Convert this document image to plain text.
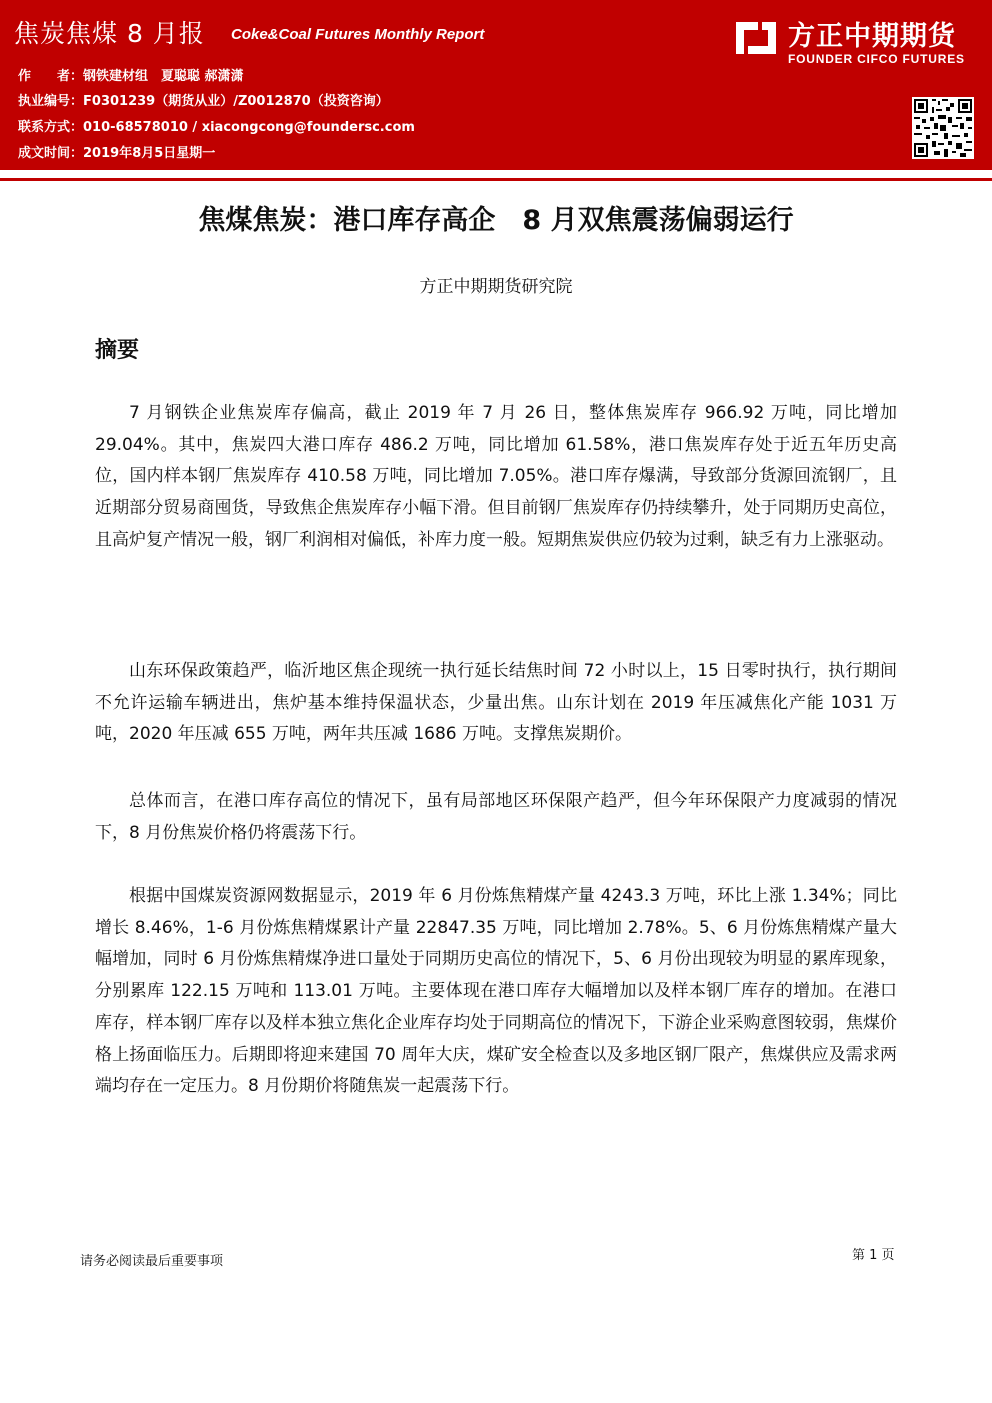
焦炭焦煤 8 月报 Coke&Coal Futures Monthly Report
作　　者：钢铁建材组　夏聪聪 郝潇潇
执业编号：F0301239（期货从业）/Z0012870（投资咨询）
联系方式：010-68578010 / xiacongcong@foundersc.com
成文时间：2019年8月5日星期一
方正中期期货
FOUNDER CIFCO FUTURES
焦煤焦炭：港口库存高企　8 月双焦震荡偏弱运行
方正中期期货研究院
摘要
7 月钢铁企业焦炭库存偏高，截止 2019 年 7 月 26 日，整体焦炭库存 966.92 万吨，同比增加 29.04%。其中，焦炭四大港口库存 486.2 万吨，同比增加 61.58%，港口焦炭库存处于近五年历史高位，国内样本钢厂焦炭库存 410.58 万吨，同比增加 7.05%。港口库存爆满，导致部分货源回流钢厂，且近期部分贸易商囤货，导致焦企焦炭库存小幅下滑。但目前钢厂焦炭库存仍持续攀升，处于同期历史高位，且高炉复产情况一般，钢厂利润相对偏低，补库力度一般。短期焦炭供应仍较为过剩，缺乏有力上涨驱动。
山东环保政策趋严，临沂地区焦企现统一执行延长结焦时间 72 小时以上，15 日零时执行，执行期间不允许运输车辆进出，焦炉基本维持保温状态，少量出焦。山东计划在 2019 年压减焦化产能 1031 万吨，2020 年压减 655 万吨，两年共压减 1686 万吨。支撑焦炭期价。
总体而言，在港口库存高位的情况下，虽有局部地区环保限产趋严，但今年环保限产力度减弱的情况下，8 月份焦炭价格仍将震荡下行。
根据中国煤炭资源网数据显示，2019 年 6 月份炼焦精煤产量 4243.3 万吨，环比上涨 1.34%；同比增长 8.46%，1-6 月份炼焦精煤累计产量 22847.35 万吨，同比增加 2.78%。5、6 月份炼焦精煤产量大幅增加，同时 6 月份炼焦精煤净进口量处于同期历史高位的情况下，5、6 月份出现较为明显的累库现象，分别累库 122.15 万吨和 113.01 万吨。主要体现在港口库存大幅增加以及样本钢厂库存的增加。在港口库存，样本钢厂库存以及样本独立焦化企业库存均处于同期高位的情况下，下游企业采购意图较弱，焦煤价格上扬面临压力。后期即将迎来建国 70 周年大庆，煤矿安全检查以及多地区钢厂限产，焦煤供应及需求两端均存在一定压力。8 月份期价将随焦炭一起震荡下行。
请务必阅读最后重要事项	第 1 页
